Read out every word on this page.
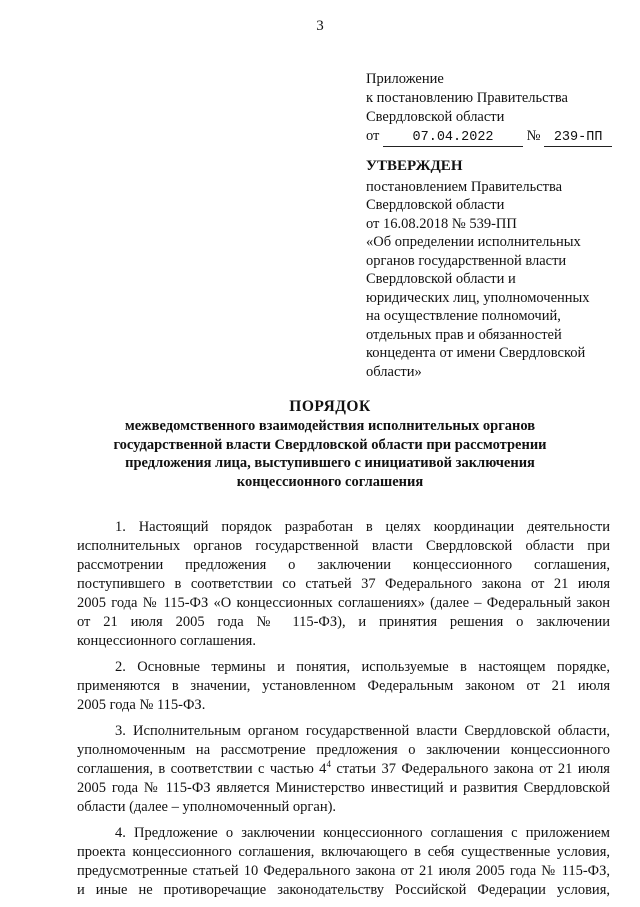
3
Приложение
к постановлению Правительства
Свердловской области
от 07.04.2022 № 239-ПП
УТВЕРЖДЕН
постановлением Правительства
Свердловской области
от 16.08.2018 № 539-ПП
«Об определении исполнительных
органов государственной власти
Свердловской области и
юридических лиц, уполномоченных
на осуществление полномочий,
отдельных прав и обязанностей
концедента от имени Свердловской
области»
ПОРЯДОК
межведомственного взаимодействия исполнительных органов
государственной власти Свердловской области при рассмотрении
предложения лица, выступившего с инициативой заключения
концессионного соглашения
1. Настоящий порядок разработан в целях координации деятельности
исполнительных органов государственной власти Свердловской области при
рассмотрении предложения о заключении концессионного соглашения,
поступившего в соответствии со статьей 37 Федерального закона от 21 июля
2005 года № 115-ФЗ «О концессионных соглашениях» (далее – Федеральный закон
от 21 июля 2005 года № 115-ФЗ), и принятия решения о заключении
концессионного соглашения.
2. Основные термины и понятия, используемые в настоящем порядке,
применяются в значении, установленном Федеральным законом от 21 июля
2005 года № 115-ФЗ.
3. Исполнительным органом государственной власти Свердловской области,
уполномоченным на рассмотрение предложения о заключении концессионного
соглашения, в соответствии с частью $4^4$ статьи 37 Федерального закона от 21 июля
2005 года № 115-ФЗ является Министерство инвестиций и развития Свердловской
области (далее – уполномоченный орган).
4. Предложение о заключении концессионного соглашения с приложением
проекта концессионного соглашения, включающего в себя существенные условия,
предусмотренные статьей 10 Федерального закона от 21 июля 2005 года № 115-ФЗ,
и иные не противоречащие законодательству Российской Федерации условия,
